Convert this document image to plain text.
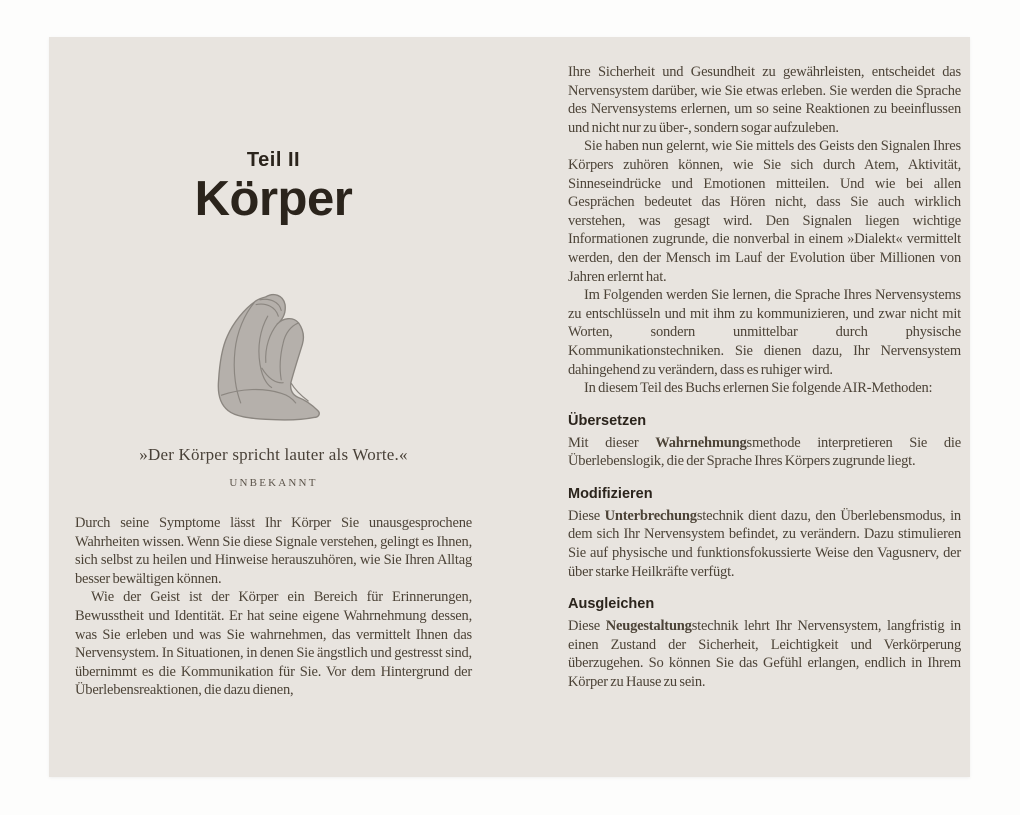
Teil II
Körper
»Der Körper spricht lauter als Worte.«
UNBEKANNT

Durch seine Symptome lässt Ihr Körper Sie unausgesprochene Wahrheiten wissen. Wenn Sie diese Signale verstehen, gelingt es Ihnen, sich selbst zu heilen und Hinweise herauszuhören, wie Sie Ihren Alltag besser bewältigen können.

Wie der Geist ist der Körper ein Bereich für Erinnerungen, Bewusstheit und Identität. Er hat seine eigene Wahrnehmung dessen, was Sie erleben und was Sie wahrnehmen, das vermittelt Ihnen das Nervensystem. In Situationen, in denen Sie ängstlich und gestresst sind, übernimmt es die Kommunikation für Sie. Vor dem Hintergrund der Überlebensreaktionen, die dazu dienen,

Ihre Sicherheit und Gesundheit zu gewährleisten, entscheidet das Nervensystem darüber, wie Sie etwas erleben. Sie werden die Sprache des Nervensystems erlernen, um so seine Reaktionen zu beeinflussen und nicht nur zu über-, sondern sogar aufzuleben.

Sie haben nun gelernt, wie Sie mittels des Geists den Signalen Ihres Körpers zuhören können, wie Sie sich durch Atem, Aktivität, Sinneseindrücke und Emotionen mitteilen. Und wie bei allen Gesprächen bedeutet das Hören nicht, dass Sie auch wirklich verstehen, was gesagt wird. Den Signalen liegen wichtige Informationen zugrunde, die nonverbal in einem »Dialekt« vermittelt werden, den der Mensch im Lauf der Evolution über Millionen von Jahren erlernt hat.

Im Folgenden werden Sie lernen, die Sprache Ihres Nervensystems zu entschlüsseln und mit ihm zu kommunizieren, und zwar nicht mit Worten, sondern unmittelbar durch physische Kommunikationstechniken. Sie dienen dazu, Ihr Nervensystem dahingehend zu verändern, dass es ruhiger wird.

In diesem Teil des Buchs erlernen Sie folgende AIR-Methoden:

Übersetzen

Mit dieser Wahrnehmungsmethode interpretieren Sie die Überlebenslogik, die der Sprache Ihres Körpers zugrunde liegt.

Modifizieren

Diese Unterbrechungstechnik dient dazu, den Überlebensmodus, in dem sich Ihr Nervensystem befindet, zu verändern. Dazu stimulieren Sie auf physische und funktionsfokussierte Weise den Vagusnerv, der über starke Heilkräfte verfügt.

Ausgleichen

Diese Neugestaltungstechnik lehrt Ihr Nervensystem, langfristig in einen Zustand der Sicherheit, Leichtigkeit und Verkörperung überzugehen. So können Sie das Gefühl erlangen, endlich in Ihrem Körper zu Hause zu sein.
